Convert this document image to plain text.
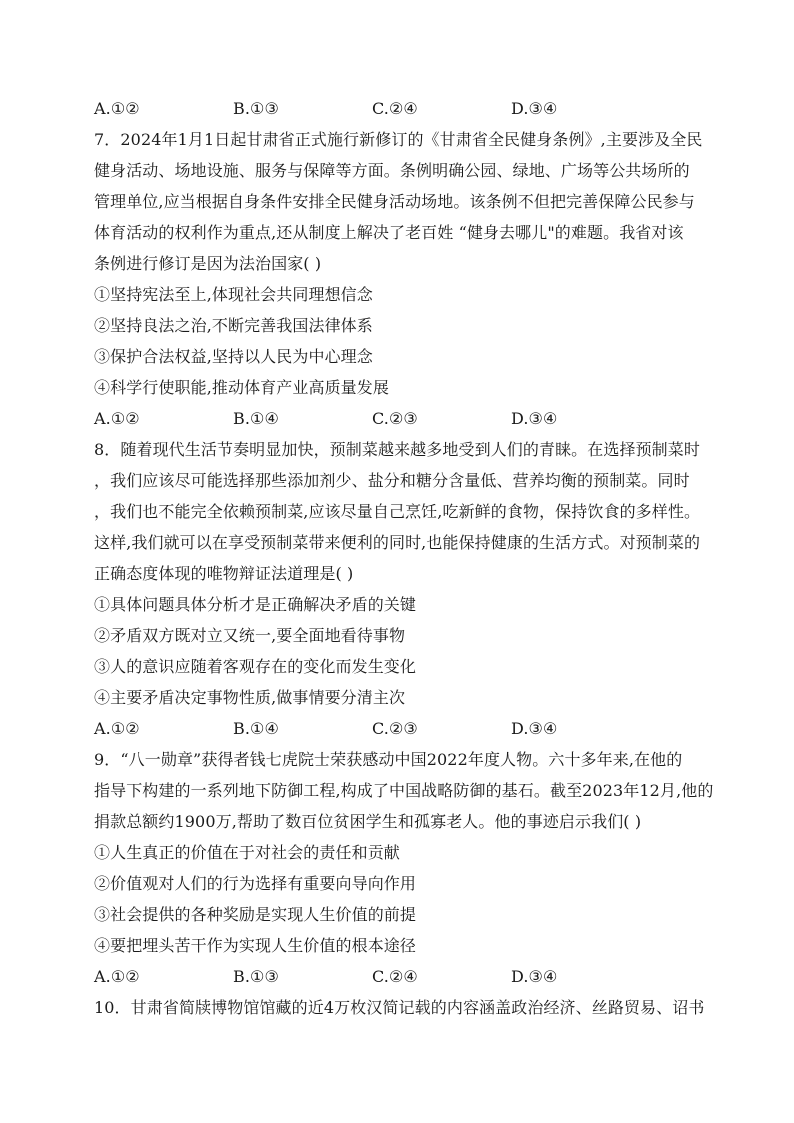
A.①②	B.①③	C.②④	D.③④
7．2024年1月1日起甘肃省正式施行新修订的《甘肃省全民健身条例》,主要涉及全民
健身活动、场地设施、服务与保障等方面。条例明确公园、绿地、广场等公共场所的
管理单位,应当根据自身条件安排全民健身活动场地。该条例不但把完善保障公民参与
体育活动的权利作为重点,还从制度上解决了老百姓 “健身去哪儿"的难题。我省对该
条例进行修订是因为法治国家( )
①坚持宪法至上,体现社会共同理想信念
②坚持良法之治,不断完善我国法律体系
③保护合法权益,坚持以人民为中心理念
④科学行使职能,推动体育产业高质量发展
A.①②	B.①④	C.②③	D.③④
8．随着现代生活节奏明显加快，预制菜越来越多地受到人们的青睐。在选择预制菜时
，我们应该尽可能选择那些添加剂少、盐分和糖分含量低、营养均衡的预制菜。同时
，我们也不能完全依赖预制菜,应该尽量自己烹饪,吃新鲜的食物，保持饮食的多样性。
这样,我们就可以在享受预制菜带来便利的同时,也能保持健康的生活方式。对预制菜的
正确态度体现的唯物辩证法道理是( )
①具体问题具体分析才是正确解决矛盾的关键
②矛盾双方既对立又统一,要全面地看待事物
③人的意识应随着客观存在的变化而发生变化
④主要矛盾决定事物性质,做事情要分清主次
A.①②	B.①④	C.②③	D.③④
9．“八一勋章”获得者钱七虎院士荣获感动中国2022年度人物。六十多年来,在他的
指导下构建的一系列地下防御工程,构成了中国战略防御的基石。截至2023年12月,他的
捐款总额约1900万,帮助了数百位贫困学生和孤寡老人。他的事迹启示我们( )
①人生真正的价值在于对社会的责任和贡献
②价值观对人们的行为选择有重要向导向作用
③社会提供的各种奖励是实现人生价值的前提
④要把埋头苦干作为实现人生价值的根本途径
A.①②	B.①③	C.②④	D.③④
10．甘肃省简牍博物馆馆藏的近4万枚汉简记载的内容涵盖政治经济、丝路贸易、诏书
